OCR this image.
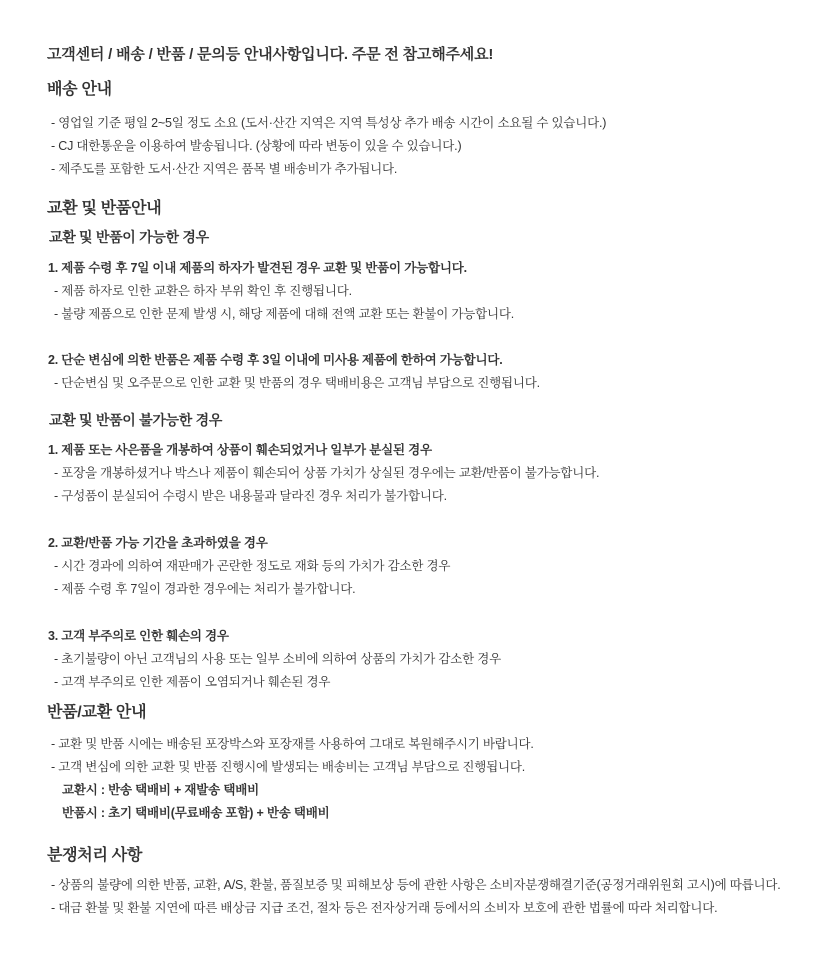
고객센터 / 배송 / 반품 / 문의등 안내사항입니다. 주문 전 참고해주세요!
배송 안내
- 영업일 기준 평일 2~5일 정도 소요 (도서·산간 지역은 지역 특성상 추가 배송 시간이 소요될 수 있습니다.)
- CJ 대한통운을 이용하여 발송됩니다. (상황에 따라 변동이 있을 수 있습니다.)
- 제주도를 포함한 도서·산간 지역은 품목 별 배송비가 추가됩니다.
교환 및 반품안내
교환 및 반품이 가능한 경우
1. 제품 수령 후 7일 이내 제품의 하자가 발견된 경우 교환 및 반품이 가능합니다.
- 제품 하자로 인한 교환은 하자 부위 확인 후 진행됩니다.
- 불량 제품으로 인한 문제 발생 시, 해당 제품에 대해 전액 교환 또는 환불이 가능합니다.
2. 단순 변심에 의한 반품은 제품 수령 후 3일 이내에 미사용 제품에 한하여 가능합니다.
- 단순변심 및 오주문으로 인한 교환 및 반품의 경우 택배비용은 고객님 부담으로 진행됩니다.
교환 및 반품이 불가능한 경우
1. 제품 또는 사은품을 개봉하여 상품이 훼손되었거나 일부가 분실된 경우
- 포장을 개봉하셨거나 박스나 제품이 훼손되어 상품 가치가 상실된 경우에는 교환/반품이 불가능합니다.
- 구성품이 분실되어 수령시 받은 내용물과 달라진 경우 처리가 불가합니다.
2. 교환/반품 가능 기간을 초과하였을 경우
- 시간 경과에 의하여 재판매가 곤란한 정도로 재화 등의 가치가 감소한 경우
- 제품 수령 후 7일이 경과한 경우에는 처리가 불가합니다.
3. 고객 부주의로 인한 훼손의 경우
- 초기불량이 아닌 고객님의 사용 또는 일부 소비에 의하여 상품의 가치가 감소한 경우
- 고객 부주의로 인한 제품이 오염되거나 훼손된 경우
반품/교환 안내
- 교환 및 반품 시에는 배송된 포장박스와 포장재를 사용하여 그대로 복원해주시기 바랍니다.
- 고객 변심에 의한 교환 및 반품 진행시에 발생되는 배송비는 고객님 부담으로 진행됩니다.
교환시 : 반송 택배비 + 재발송 택배비
반품시 : 초기 택배비(무료배송 포함) + 반송 택배비
분쟁처리 사항
- 상품의 불량에 의한 반품, 교환, A/S, 환불, 품질보증 및 피해보상 등에 관한 사항은 소비자분쟁해결기준(공정거래위원회 고시)에 따릅니다.
- 대금 환불 및 환불 지연에 따른 배상금 지급 조건, 절차 등은 전자상거래 등에서의 소비자 보호에 관한 법률에 따라 처리합니다.
